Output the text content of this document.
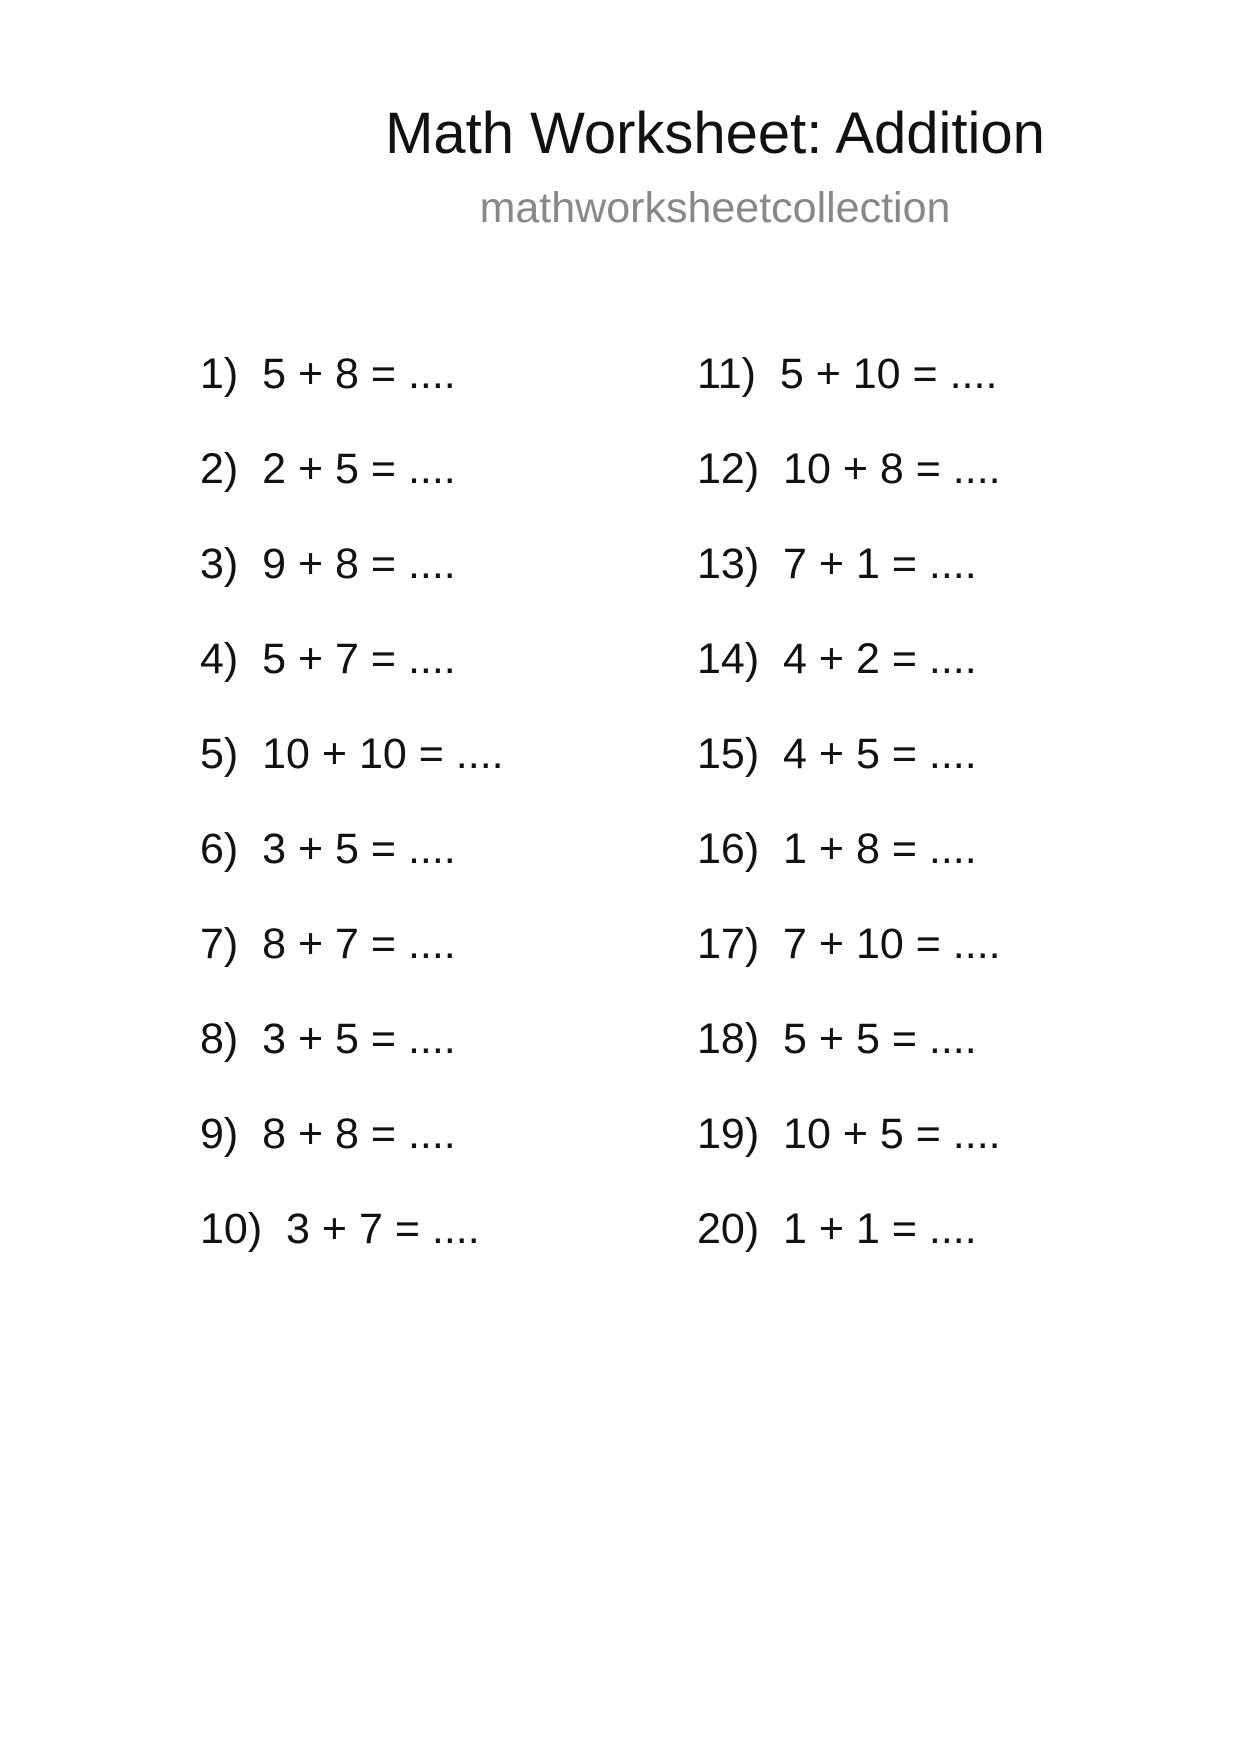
Math Worksheet: Addition
mathworksheetcollection
1)  5 + 8 = ....
2)  2 + 5 = ....
3)  9 + 8 = ....
4)  5 + 7 = ....
5)  10 + 10 = ....
6)  3 + 5 = ....
7)  8 + 7 = ....
8)  3 + 5 = ....
9)  8 + 8 = ....
10)  3 + 7 = ....
11)  5 + 10 = ....
12)  10 + 8 = ....
13)  7 + 1 = ....
14)  4 + 2 = ....
15)  4 + 5 = ....
16)  1 + 8 = ....
17)  7 + 10 = ....
18)  5 + 5 = ....
19)  10 + 5 = ....
20)  1 + 1 = ....
